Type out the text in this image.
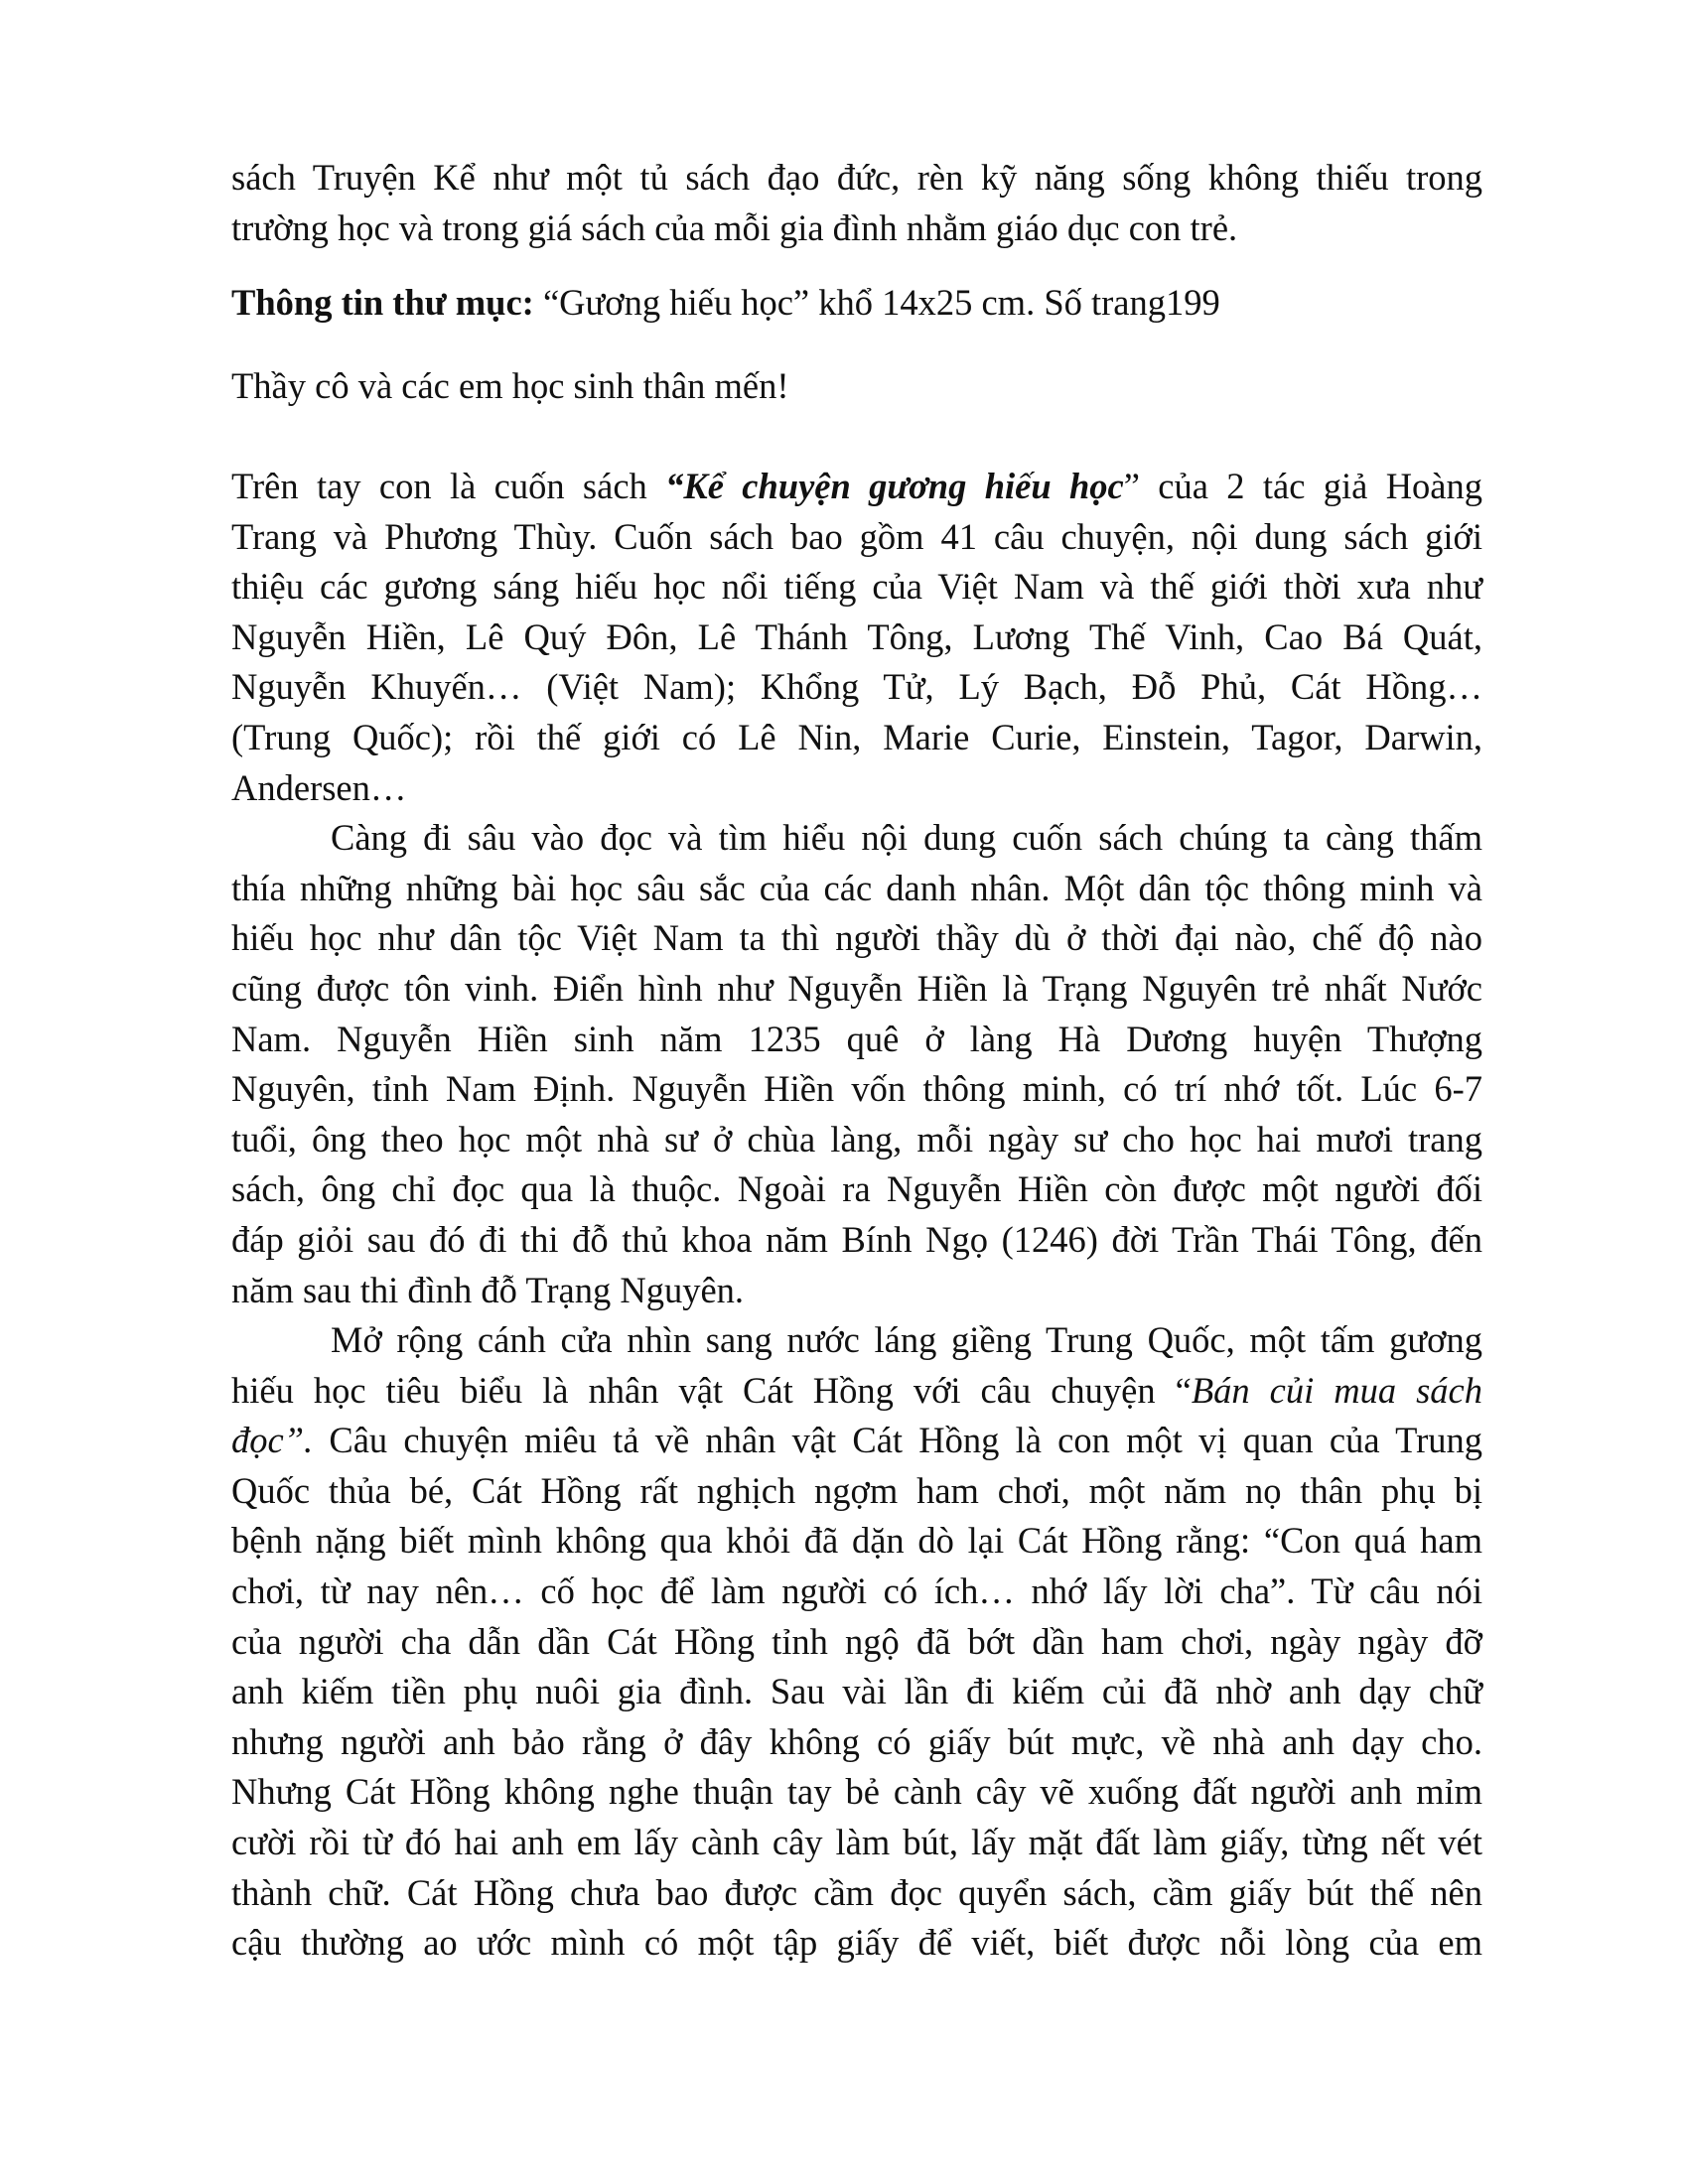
sách Truyện Kể như một tủ sách đạo đức, rèn kỹ năng sống không thiếu trong
trường học và trong giá sách của mỗi gia đình nhằm giáo dục con trẻ.
Thông tin thư mục: “Gương hiếu học” khổ 14x25 cm. Số trang199
Thầy cô và các em học sinh thân mến!
Trên tay con là cuốn sách “Kể chuyện gương hiếu học” của 2 tác giả Hoàng
Trang và Phương Thùy. Cuốn sách bao gồm 41 câu chuyện, nội dung sách giới
thiệu các gương sáng hiếu học nổi tiếng của Việt Nam và thế giới thời xưa như
Nguyễn Hiền, Lê Quý Đôn, Lê Thánh Tông, Lương Thế Vinh, Cao Bá Quát,
Nguyễn Khuyến… (Việt Nam); Khổng Tử, Lý Bạch, Đỗ Phủ, Cát Hồng…
(Trung Quốc); rồi thế giới có Lê Nin, Marie Curie, Einstein, Tagor, Darwin,
Andersen…
Càng đi sâu vào đọc và tìm hiểu nội dung cuốn sách chúng ta càng thấm
thía những những bài học sâu sắc của các danh nhân. Một dân tộc thông minh và
hiếu học như dân tộc Việt Nam ta thì người thầy dù ở thời đại nào, chế độ nào
cũng được tôn vinh. Điển hình như Nguyễn Hiền là Trạng Nguyên trẻ nhất Nước
Nam. Nguyễn Hiền sinh năm 1235 quê ở làng Hà Dương huyện Thượng
Nguyên, tỉnh Nam Định. Nguyễn Hiền vốn thông minh, có trí nhớ tốt. Lúc 6-7
tuổi, ông theo học một nhà sư ở chùa làng, mỗi ngày sư cho học hai mươi trang
sách, ông chỉ đọc qua là thuộc. Ngoài ra Nguyễn Hiền còn được một người đối
đáp giỏi sau đó đi thi đỗ thủ khoa năm Bính Ngọ (1246) đời Trần Thái Tông, đến
năm sau thi đình đỗ Trạng Nguyên.
Mở rộng cánh cửa nhìn sang nước láng giềng Trung Quốc, một tấm gương
hiếu học tiêu biểu là nhân vật Cát Hồng với câu chuyện “Bán củi mua sách
đọc”. Câu chuyện miêu tả về nhân vật Cát Hồng là con một vị quan của Trung
Quốc thủa bé, Cát Hồng rất nghịch ngợm ham chơi, một năm nọ thân phụ bị
bệnh nặng biết mình không qua khỏi đã dặn dò lại Cát Hồng rằng: “Con quá ham
chơi, từ nay nên… cố học để làm người có ích… nhớ lấy lời cha”. Từ câu nói
của người cha dẫn dần Cát Hồng tỉnh ngộ đã bớt dần ham chơi, ngày ngày đỡ
anh kiếm tiền phụ nuôi gia đình. Sau vài lần đi kiếm củi đã nhờ anh dạy chữ
nhưng người anh bảo rằng ở đây không có giấy bút mực, về nhà anh dạy cho.
Nhưng Cát Hồng không nghe thuận tay bẻ cành cây vẽ xuống đất người anh mỉm
cười rồi từ đó hai anh em lấy cành cây làm bút, lấy mặt đất làm giấy, từng nết vét
thành chữ. Cát Hồng chưa bao được cầm đọc quyển sách, cầm giấy bút thế nên
cậu thường ao ước mình có một tập giấy để viết, biết được nỗi lòng của em
